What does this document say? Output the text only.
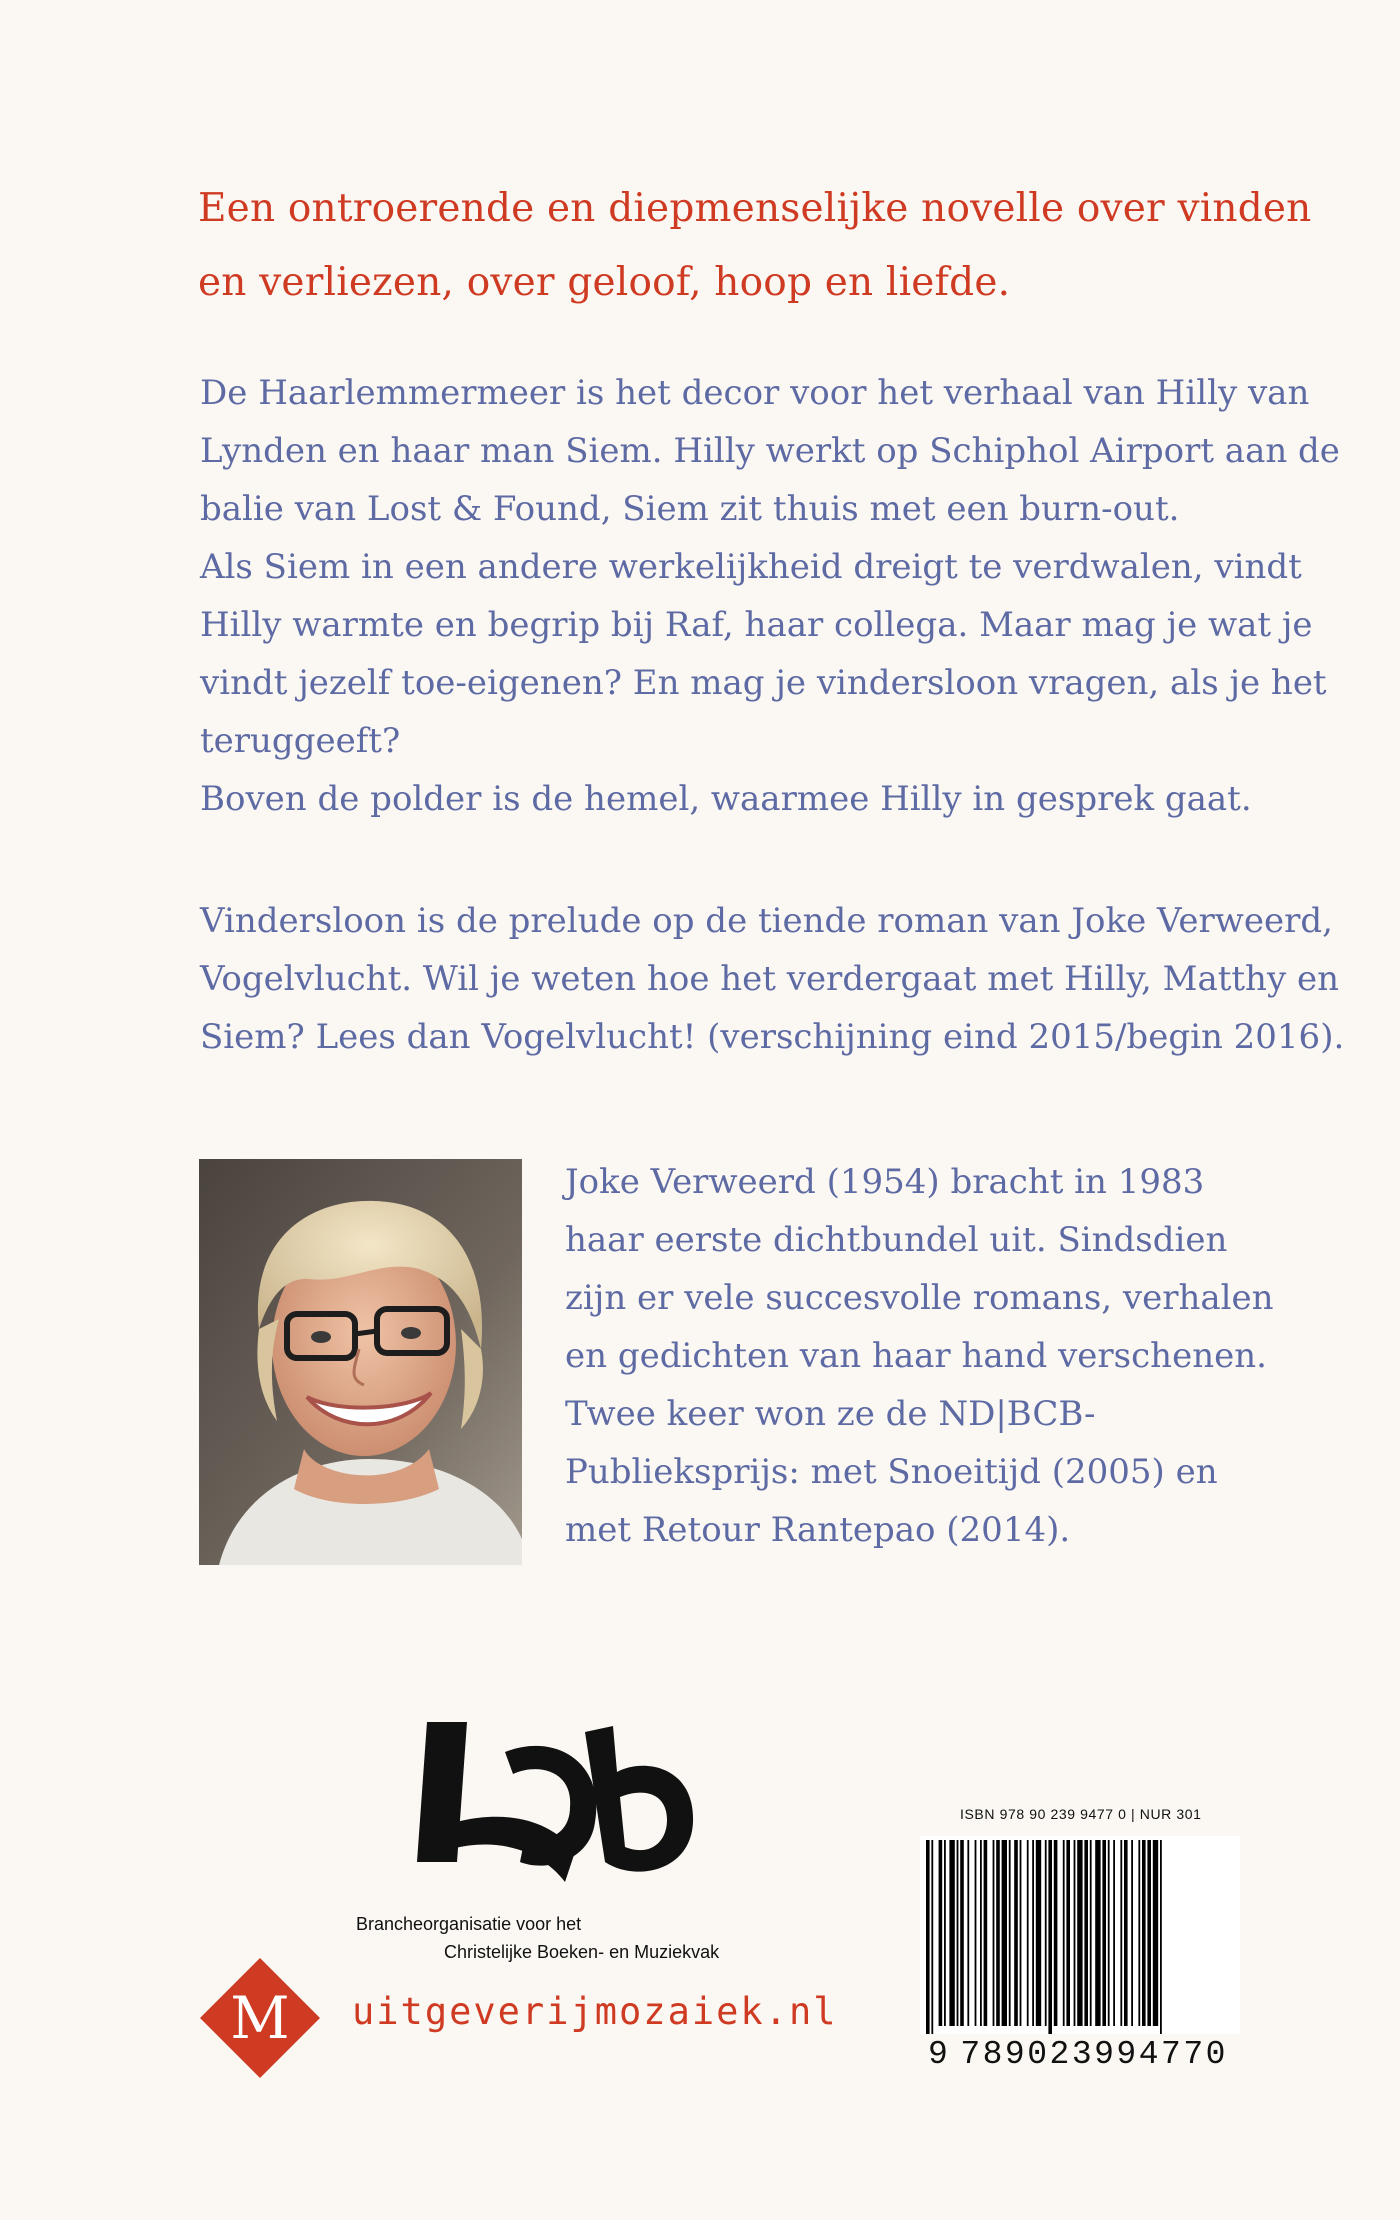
Een ontroerende en diepmenselijke novelle over vinden
en verliezen, over geloof, hoop en liefde.

De Haarlemmermeer is het decor voor het verhaal van Hilly van
Lynden en haar man Siem. Hilly werkt op Schiphol Airport aan de
balie van Lost & Found, Siem zit thuis met een burn-out.
Als Siem in een andere werkelijkheid dreigt te verdwalen, vindt
Hilly warmte en begrip bij Raf, haar collega. Maar mag je wat je
vindt jezelf toe-eigenen? En mag je vindersloon vragen, als je het
teruggeeft?
Boven de polder is de hemel, waarmee Hilly in gesprek gaat.

Vindersloon is de prelude op de tiende roman van Joke Verweerd,
Vogelvlucht. Wil je weten hoe het verdergaat met Hilly, Matthy en
Siem? Lees dan Vogelvlucht! (verschijning eind 2015/begin 2016).

Joke Verweerd (1954) bracht in 1983
haar eerste dichtbundel uit. Sindsdien
zijn er vele succesvolle romans, verhalen
en gedichten van haar hand verschenen.
Twee keer won ze de ND|BCB-
Publieksprijs: met Snoeitijd (2005) en
met Retour Rantepao (2014).

Brancheorganisatie voor het
Christelijke Boeken- en Muziekvak
M uitgeverijmozaiek.nl
ISBN 978 90 239 9477 0 | NUR 301
9 789023994770
